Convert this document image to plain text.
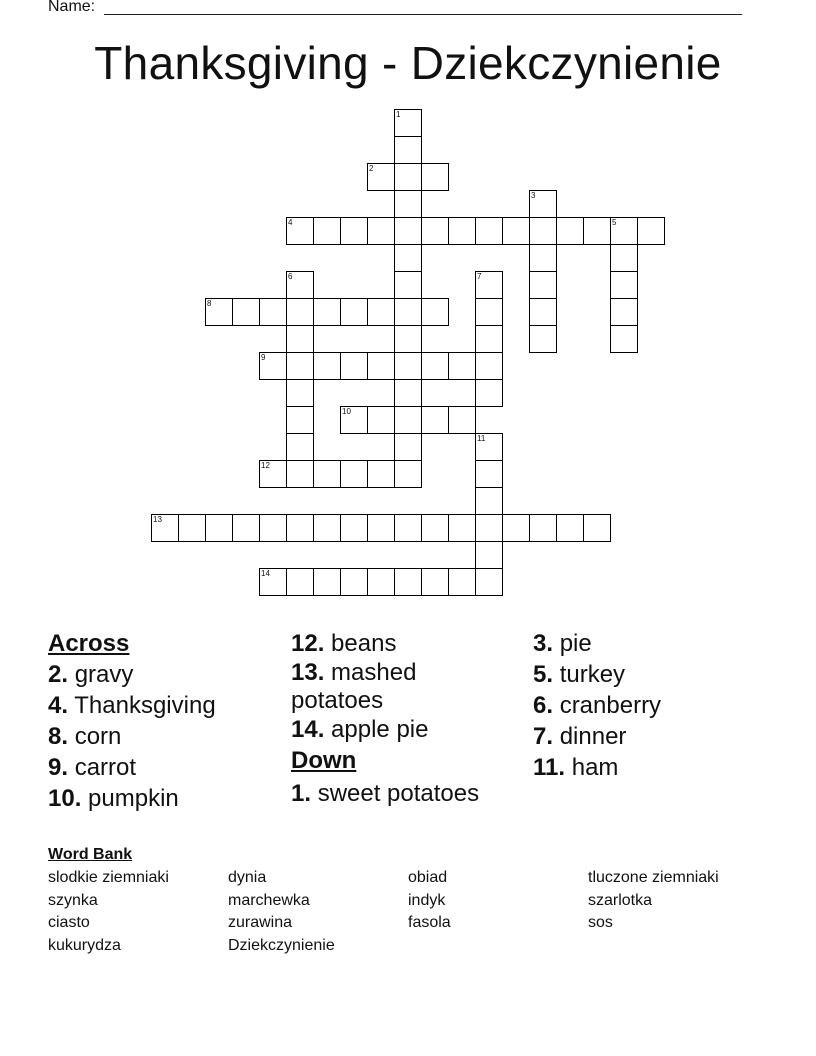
Name:
Thanksgiving - Dziekczynienie
1
2
3
4	5
6	7
8
9
10
11
12
13
14
Across

2. gravy

4. Thanksgiving

8. corn

9. carrot

10. pumpkin

12. beans

13. mashed potatoes

14. apple pie

Down

1. sweet potatoes

3. pie

5. turkey

6. cranberry

7. dinner

11. ham

Word Bank
slodkie ziemniaki
szynka
ciasto
kukurydza
dynia
marchewka
zurawina
Dziekczynienie
obiad
indyk
fasola
tluczone ziemniaki
szarlotka
sos
